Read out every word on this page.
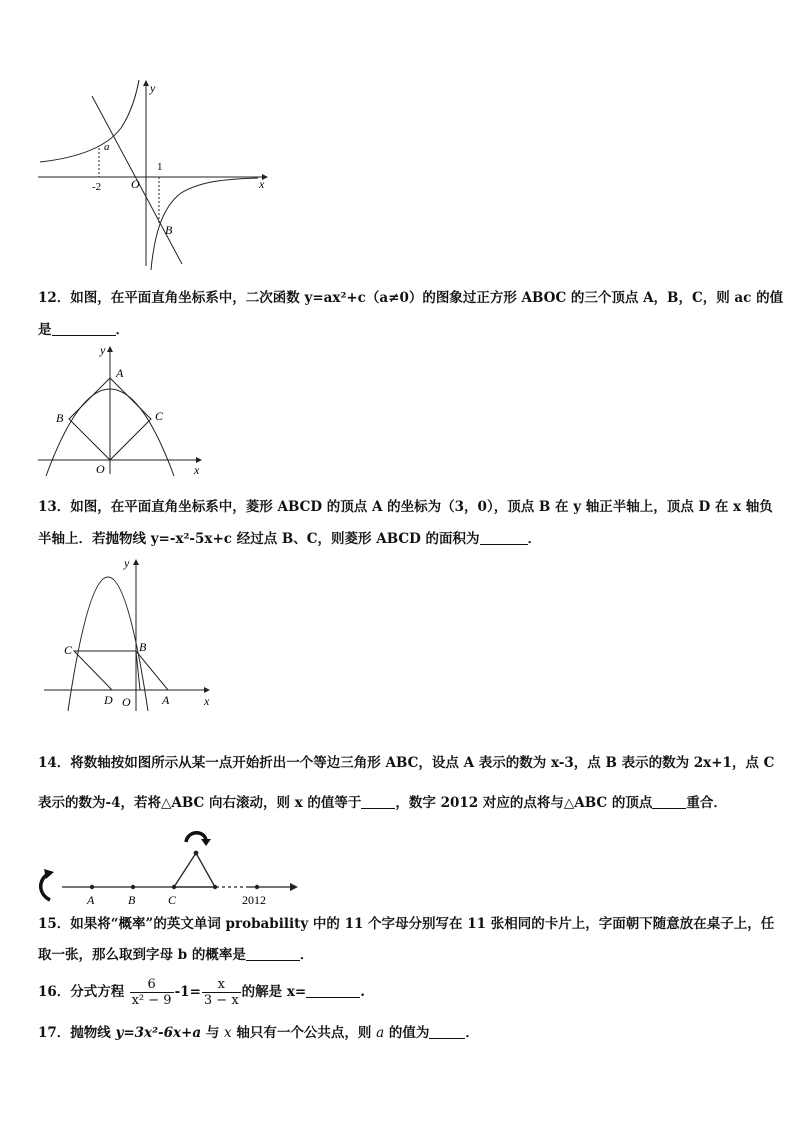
y
x
O
a
B
-2
1
12．如图，在平面直角坐标系中，二次函数 y=ax²+c（a≠0）的图象过正方形 ABOC 的三个顶点 A，B，C，则 ac 的值
是	．
y
x
A
B	C
O
13．如图，在平面直角坐标系中，菱形 ABCD 的顶点 A 的坐标为（3，0），顶点 B 在 y 轴正半轴上，顶点 D 在 x 轴负
半轴上．若抛物线 y=-x²-5x+c 经过点 B、C，则菱形 ABCD 的面积为	．
y
x
C	B
A
D O
14．将数轴按如图所示从某一点开始折出一个等边三角形 ABC，设点 A 表示的数为 x-3，点 B 表示的数为 2x+1，点 C
表示的数为-4，若将△ABC 向右滚动，则 x 的值等于	，数字 2012 对应的点将与△ABC 的顶点	重合．
A	B	C	2012
15．如果将“概率”的英文单词 probability 中的 11 个字母分别写在 11 张相同的卡片上，字面朝下随意放在桌子上，任
取一张，那么取到字母 b 的概率是	．
16．分式方程 $\frac{6}{\text{x² − 9}} -1= \frac{x}{3 - x}$ 的解是 x=	.
17．抛物线 y=3x²-6x+a 与 x 轴只有一个公共点，则 a 的值为	．
